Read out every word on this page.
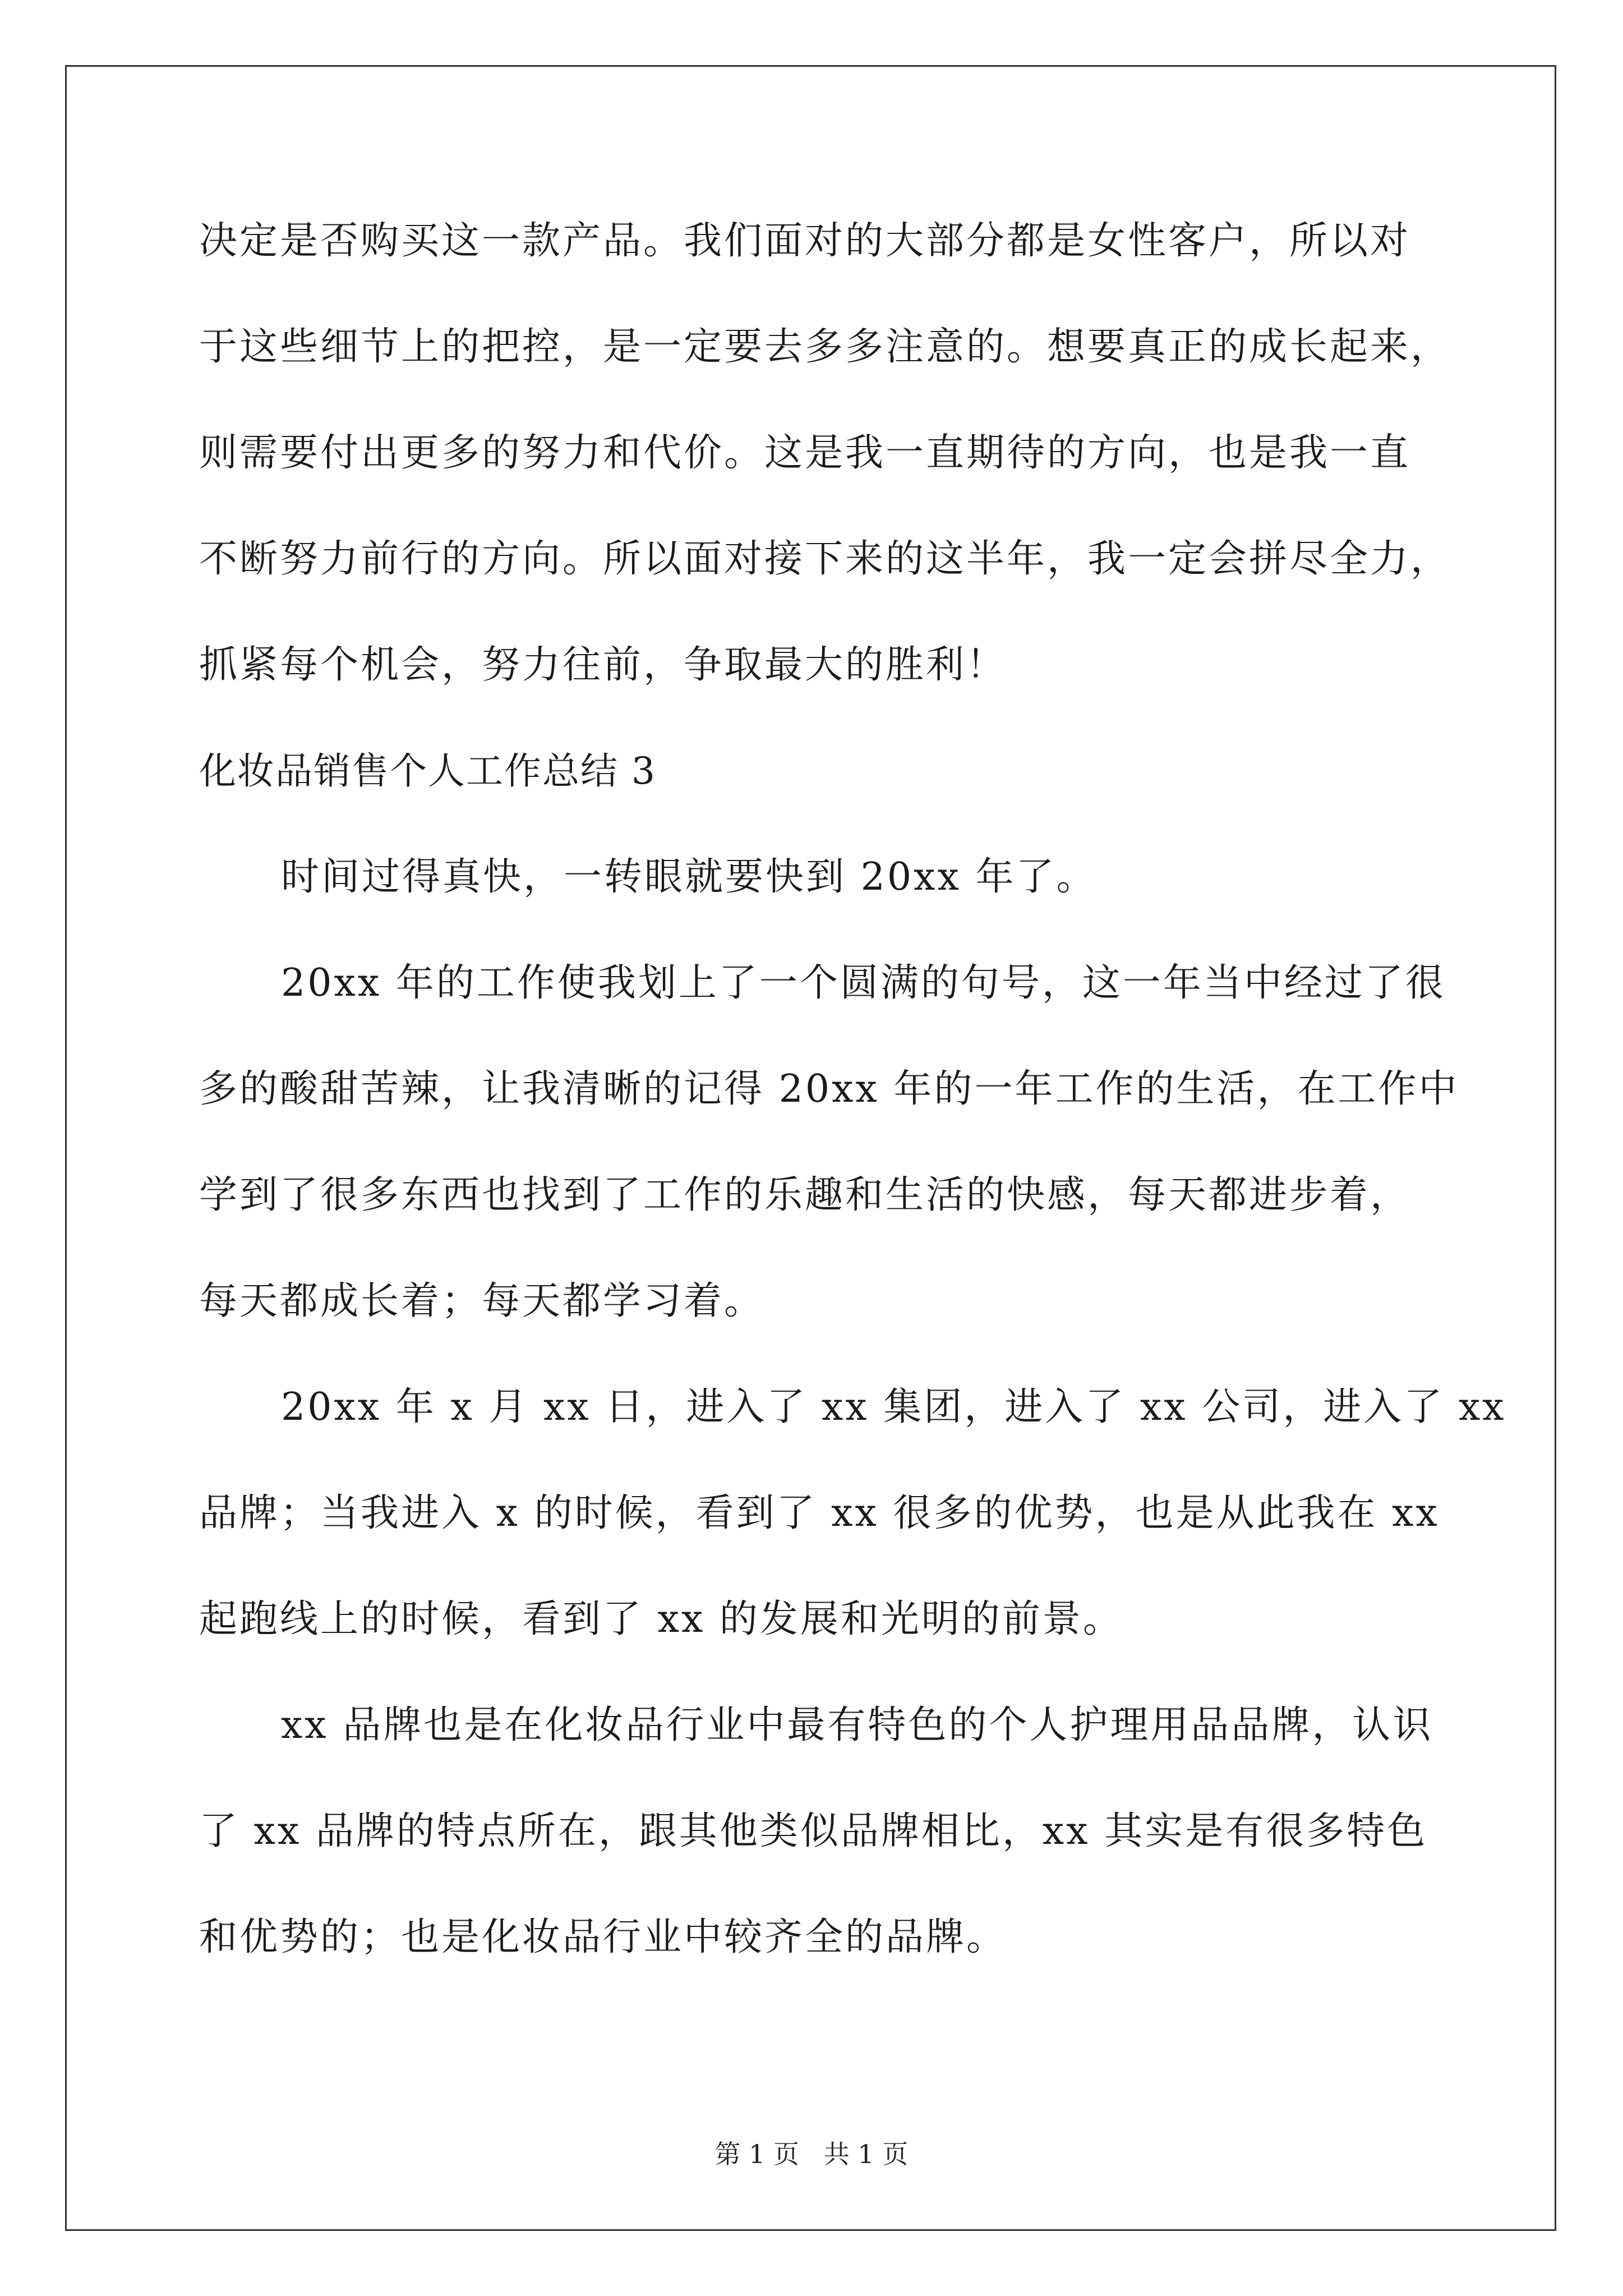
决定是否购买这一款产品。我们面对的大部分都是女性客户，所以对
于这些细节上的把控，是一定要去多多注意的。想要真正的成长起来，
则需要付出更多的努力和代价。这是我一直期待的方向，也是我一直
不断努力前行的方向。所以面对接下来的这半年，我一定会拼尽全力，
抓紧每个机会，努力往前，争取最大的胜利！
化妆品销售个人工作总结 3
时间过得真快，一转眼就要快到 20xx 年了。
20xx 年的工作使我划上了一个圆满的句号，这一年当中经过了很
多的酸甜苦辣，让我清晰的记得 20xx 年的一年工作的生活，在工作中
学到了很多东西也找到了工作的乐趣和生活的快感，每天都进步着，
每天都成长着；每天都学习着。
20xx 年 x 月 xx 日，进入了 xx 集团，进入了 xx 公司，进入了 xx
品牌；当我进入 x 的时候，看到了 xx 很多的优势，也是从此我在 xx
起跑线上的时候，看到了 xx 的发展和光明的前景。
xx 品牌也是在化妆品行业中最有特色的个人护理用品品牌，认识
了 xx 品牌的特点所在，跟其他类似品牌相比，xx 其实是有很多特色
和优势的；也是化妆品行业中较齐全的品牌。
第 1 页   共 1 页
